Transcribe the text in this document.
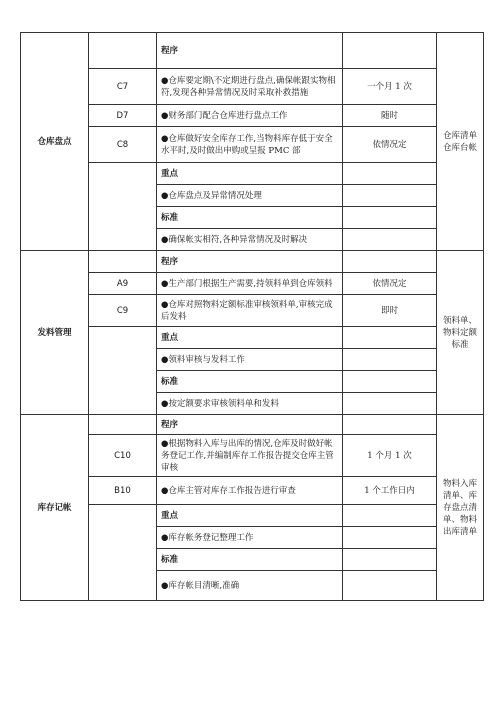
仓库盘点		程序		仓库清单仓库台帐
	C7	●仓库要定期\不定期进行盘点,确保帐跟实物相符,发现各种异常情况及时采取补救措施	一个月 1 次	
	D7	●财务部门配合仓库进行盘点工作	随时	
	C8	●仓库做好安全库存工作,当物料库存低于安全水平时,及时做出申购或呈报 PMC 部	依情况定	
		重点		
		●仓库盘点及异常情况处理		
		标准		
		●确保帐实相符,各种异常情况及时解决		
发料管理		程序		领料单、物料定额标准
	A9	●生产部门根据生产需要,持领料单到仓库领料	依情况定	
	C9	●仓库对照物料定额标准审核领料单,审核完成后发料	即时	
		重点		
		●领料审核与发料工作		
		标准		
		●按定额要求审核领料单和发料		
库存记帐		程序		物料入库清单、库存盘点清单、物料出库清单
	C10	●根据物料入库与出库的情况,仓库及时做好帐务登记工作,并编制库存工作报告提交仓库主管审核	1 个月 1 次	
	B10	●仓库主管对库存工作报告进行审查	1 个工作日内	
		重点		
		●库存帐务登记整理工作		
		标准		
		●库存帐目清晰,准确		
